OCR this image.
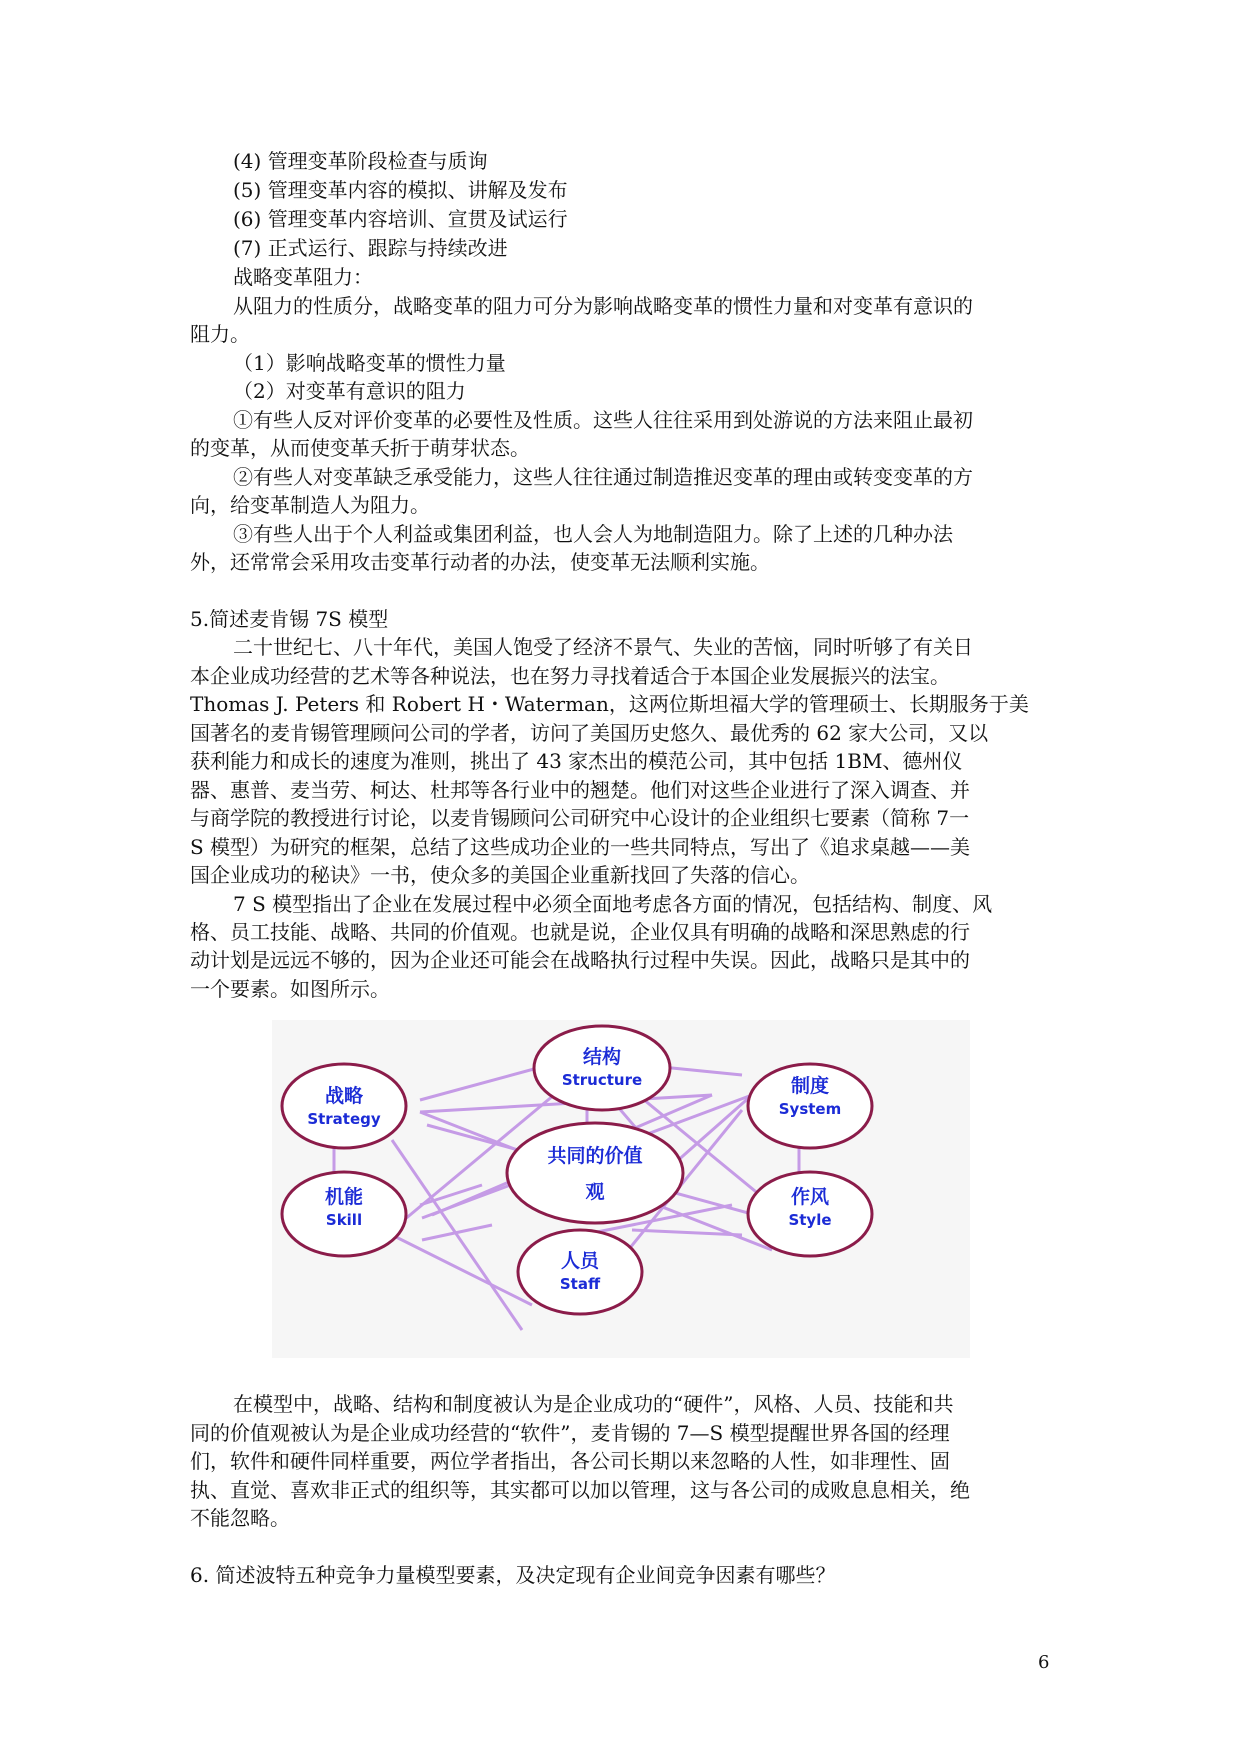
(4) 管理变革阶段检查与质询
(5) 管理变革内容的模拟、讲解及发布
(6) 管理变革内容培训、宣贯及试运行
(7) 正式运行、跟踪与持续改进
战略变革阻力：
从阻力的性质分，战略变革的阻力可分为影响战略变革的惯性力量和对变革有意识的
阻力。
（1）影响战略变革的惯性力量
（2）对变革有意识的阻力
①有些人反对评价变革的必要性及性质。这些人往往采用到处游说的方法来阻止最初
的变革，从而使变革夭折于萌芽状态。
②有些人对变革缺乏承受能力，这些人往往通过制造推迟变革的理由或转变变革的方
向，给变革制造人为阻力。
③有些人出于个人利益或集团利益，也人会人为地制造阻力。除了上述的几种办法
外，还常常会采用攻击变革行动者的办法，使变革无法顺利实施。
5.简述麦肯锡 7S 模型
二十世纪七、八十年代，美国人饱受了经济不景气、失业的苦恼，同时听够了有关日
本企业成功经营的艺术等各种说法，也在努力寻找着适合于本国企业发展振兴的法宝。
Thomas J. Peters 和 Robert H・Waterman，这两位斯坦福大学的管理硕士、长期服务于美
国著名的麦肯锡管理顾问公司的学者，访问了美国历史悠久、最优秀的 62 家大公司，又以
获利能力和成长的速度为准则，挑出了 43 家杰出的模范公司，其中包括 1BM、德州仪
器、惠普、麦当劳、柯达、杜邦等各行业中的翘楚。他们对这些企业进行了深入调查、并
与商学院的教授进行讨论，以麦肯锡顾问公司研究中心设计的企业组织七要素（简称 7一
S 模型）为研究的框架，总结了这些成功企业的一些共同特点，写出了《追求桌越——美
国企业成功的秘诀》一书，使众多的美国企业重新找回了失落的信心。
7 S 模型指出了企业在发展过程中必须全面地考虑各方面的情况，包括结构、制度、风
格、员工技能、战略、共同的价值观。也就是说，企业仅具有明确的战略和深思熟虑的行
动计划是远远不够的，因为企业还可能会在战略执行过程中失误。因此，战略只是其中的
一个要素。如图所示。
战略
Strategy
结构
Structure	制度
System
共同的价值
观
机能
Skill
作风
Style
人员
Staff
在模型中，战略、结构和制度被认为是企业成功的“硬件”，风格、人员、技能和共
同的价值观被认为是企业成功经营的“软件”，麦肯锡的 7—S 模型提醒世界各国的经理
们，软件和硬件同样重要，两位学者指出，各公司长期以来忽略的人性，如非理性、固
执、直觉、喜欢非正式的组织等，其实都可以加以管理，这与各公司的成败息息相关，绝
不能忽略。
6. 简述波特五种竞争力量模型要素，及决定现有企业间竞争因素有哪些？
6
